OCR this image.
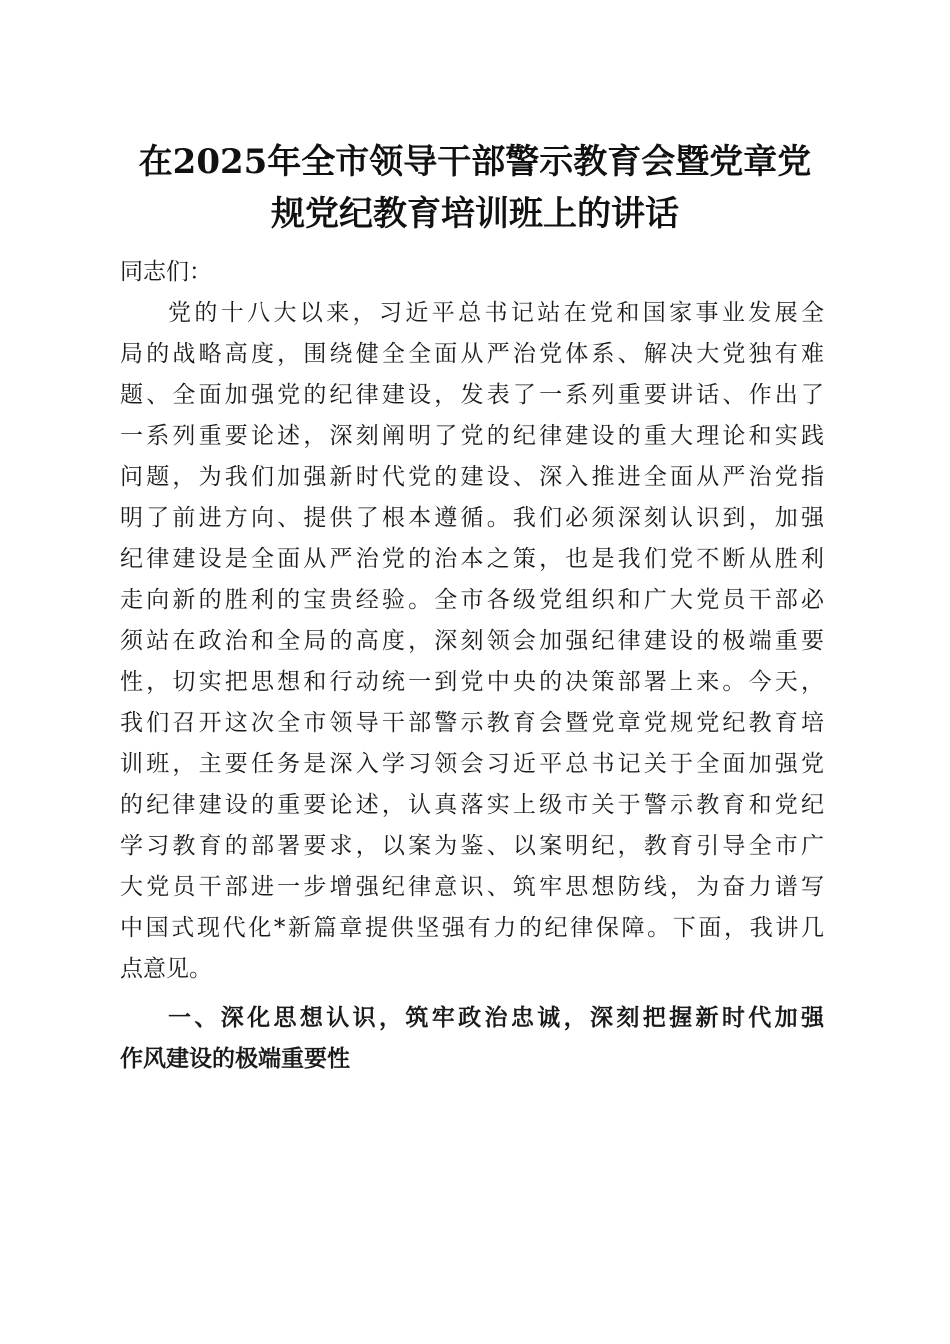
在2025年全市领导干部警示教育会暨党章党
规党纪教育培训班上的讲话
同志们：
党的十八大以来，习近平总书记站在党和国家事业发展全
局的战略高度，围绕健全全面从严治党体系、解决大党独有难
题、全面加强党的纪律建设，发表了一系列重要讲话、作出了
一系列重要论述，深刻阐明了党的纪律建设的重大理论和实践
问题，为我们加强新时代党的建设、深入推进全面从严治党指
明了前进方向、提供了根本遵循。我们必须深刻认识到，加强
纪律建设是全面从严治党的治本之策，也是我们党不断从胜利
走向新的胜利的宝贵经验。全市各级党组织和广大党员干部必
须站在政治和全局的高度，深刻领会加强纪律建设的极端重要
性，切实把思想和行动统一到党中央的决策部署上来。今天，
我们召开这次全市领导干部警示教育会暨党章党规党纪教育培
训班，主要任务是深入学习领会习近平总书记关于全面加强党
的纪律建设的重要论述，认真落实上级市关于警示教育和党纪
学习教育的部署要求，以案为鉴、以案明纪，教育引导全市广
大党员干部进一步增强纪律意识、筑牢思想防线，为奋力谱写
中国式现代化*新篇章提供坚强有力的纪律保障。下面，我讲几
点意见。
一、深化思想认识，筑牢政治忠诚，深刻把握新时代加强
作风建设的极端重要性
